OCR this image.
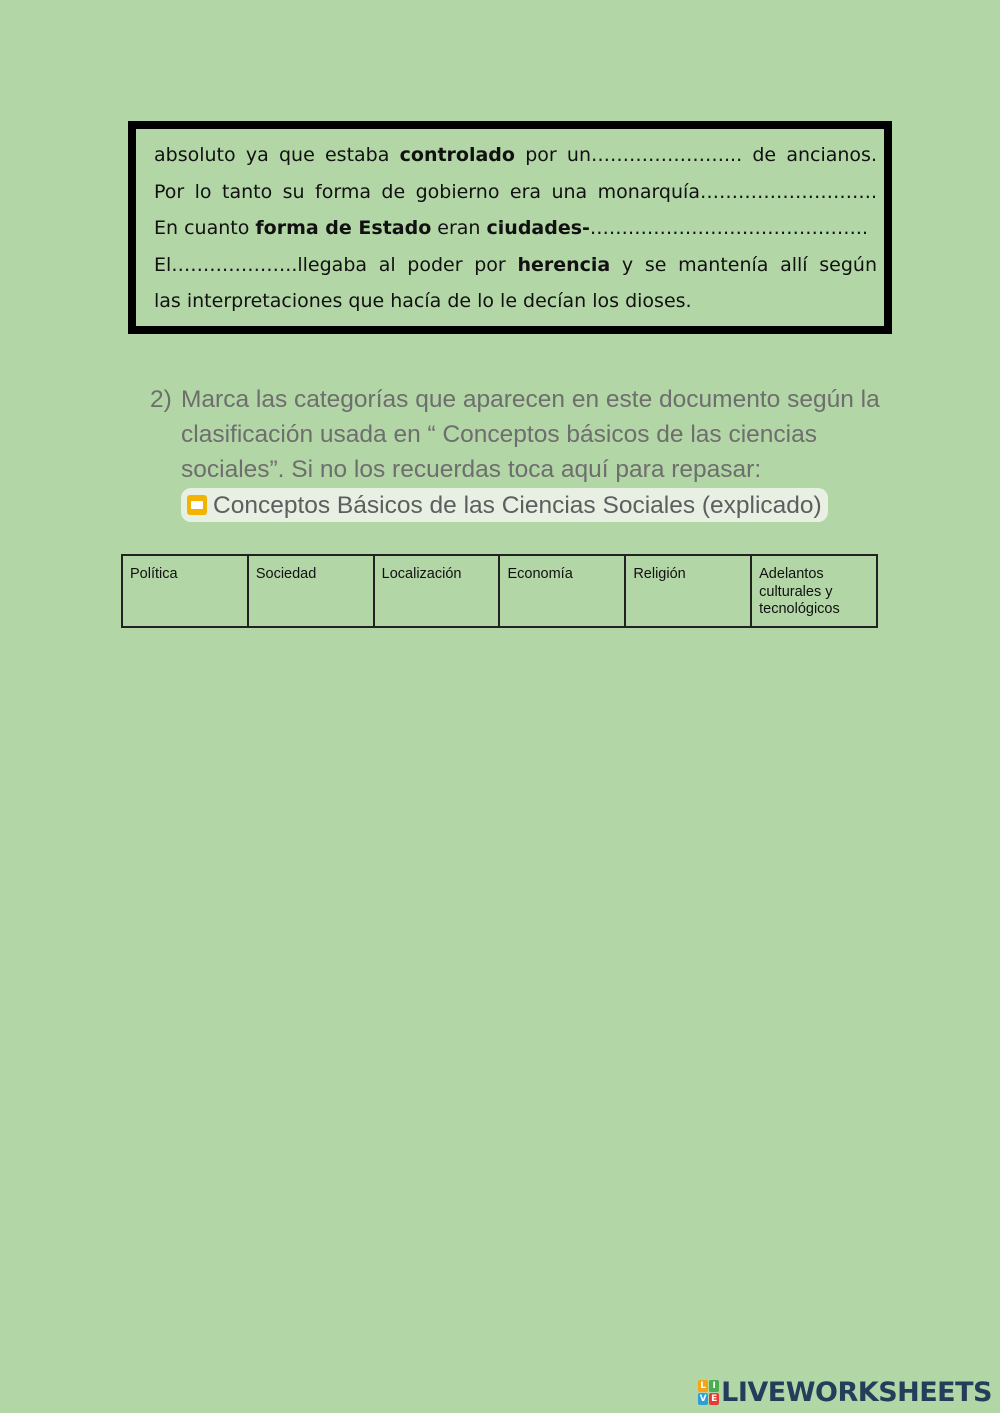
absoluto ya que estaba controlado por un…………………... de ancianos.
Por lo tanto su forma de gobierno era una monarquía……………………….
En cuanto forma de Estado eran ciudades-……………………………………..
El………………..llegaba al poder por herencia y se mantenía allí según
las interpretaciones que hacía de lo le decían los dioses.
2) Marca las categorías que aparecen en este documento según la clasificación usada en “ Conceptos básicos de las ciencias sociales”. Si no los recuerdas toca aquí para repasar:
Conceptos Básicos de las Ciencias Sociales (explicado)
Política	Sociedad	Localización	Economía	Religión	Adelantos culturales y tecnológicos
L I
V E LIVEWORKSHEETS
